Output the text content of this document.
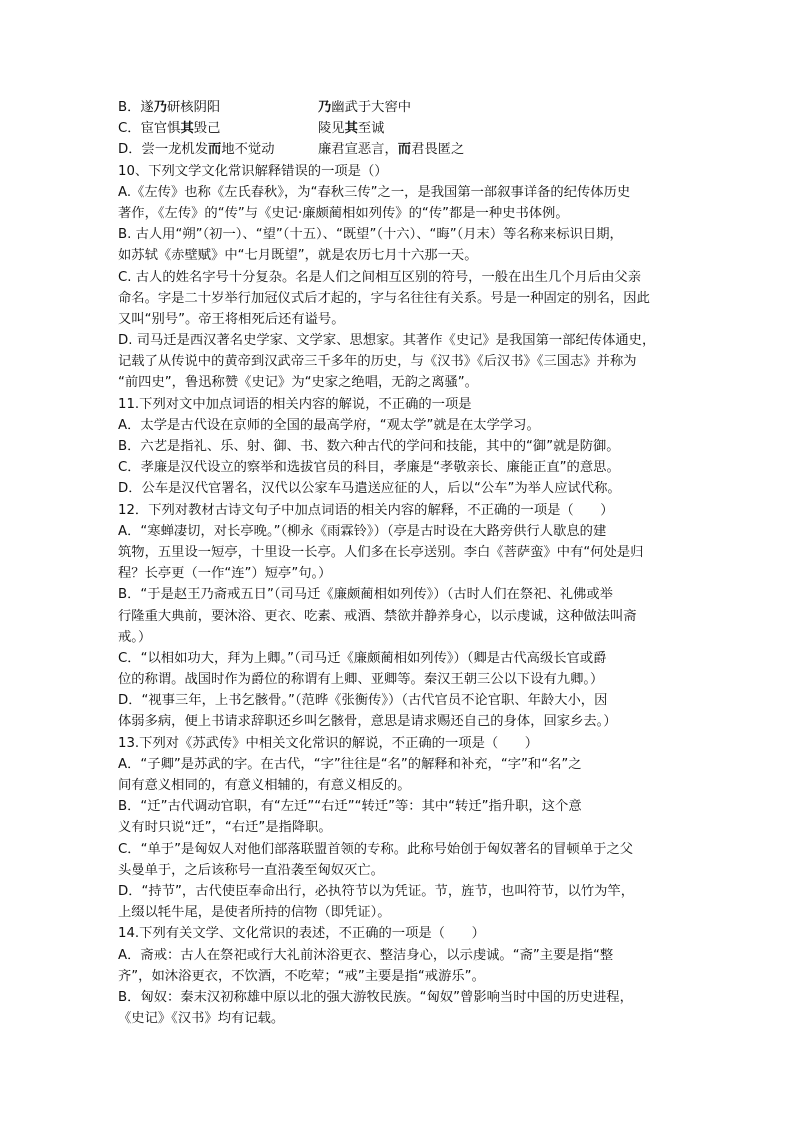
B．遂乃研核阴阳	乃幽武于大窖中
C．宦官惧其毁己	陵见其至诚
D．尝一龙机发而地不觉动	廉君宣恶言，而君畏匿之
10、下列文学文化常识解释错误的一项是（）
A.《左传》也称《左氏春秋》，为“春秋三传”之一，是我国第一部叙事详备的纪传体历史
著作，《左传》的“传”与《史记·廉颇蔺相如列传》的“传”都是一种史书体例。
B. 古人用“朔”（初一）、“望”（十五）、“既望”（十六）、“晦”（月末）等名称来标识日期，
如苏轼《赤壁赋》中“七月既望”，就是农历七月十六那一天。
C. 古人的姓名字号十分复杂。名是人们之间相互区别的符号，一般在出生几个月后由父亲
命名。字是二十岁举行加冠仪式后才起的，字与名往往有关系。号是一种固定的别名，因此
又叫“别号”。帝王将相死后还有谥号。
D. 司马迁是西汉著名史学家、文学家、思想家。其著作《史记》是我国第一部纪传体通史，
记载了从传说中的黄帝到汉武帝三千多年的历史，与《汉书》《后汉书》《三国志》并称为
“前四史”，鲁迅称赞《史记》为“史家之绝唱，无韵之离骚”。
11.下列对文中加点词语的相关内容的解说，不正确的一项是
A．太学是古代设在京师的全国的最高学府，“观太学”就是在太学学习。
B．六艺是指礼、乐、射、御、书、数六种古代的学问和技能，其中的“御”就是防御。
C．孝廉是汉代设立的察举和选拔官员的科目，孝廉是“孝敬亲长、廉能正直”的意思。
D．公车是汉代官署名，汉代以公家车马遣送应征的人，后以“公车”为举人应试代称。
12．下列对教材古诗文句子中加点词语的相关内容的解释，不正确的一项是（　　）
A．“寒蝉凄切，对长亭晚。”（柳永《雨霖铃》）（亭是古时设在大路旁供行人歇息的建
筑物，五里设一短亭，十里设一长亭。人们多在长亭送别。李白《菩萨蛮》中有“何处是归
程？长亭更（一作“连”）短亭”句。）
B．“于是赵王乃斋戒五日”（司马迁《廉颇蔺相如列传》）（古时人们在祭祀、礼佛或举
行隆重大典前，要沐浴、更衣、吃素、戒酒、禁欲并静养身心，以示虔诚，这种做法叫斋
戒。）
C．“以相如功大，拜为上卿。”（司马迁《廉颇蔺相如列传》）（卿是古代高级长官或爵
位的称谓。战国时作为爵位的称谓有上卿、亚卿等。秦汉王朝三公以下设有九卿。）
D．“视事三年，上书乞骸骨。”（范晔《张衡传》）（古代官员不论官职、年龄大小，因
体弱多病，便上书请求辞职还乡叫乞骸骨，意思是请求赐还自己的身体，回家乡去。）
13.下列对《苏武传》中相关文化常识的解说，不正确的一项是（　　）
A．“子卿”是苏武的字。在古代，“字”往往是“名”的解释和补充，“字”和“名”之
间有意义相同的，有意义相辅的，有意义相反的。
B．“迁”古代调动官职，有“左迁”“右迁”“转迁”等：其中“转迁”指升职，这个意
义有时只说“迁”，“右迁”是指降职。
C．“单于”是匈奴人对他们部落联盟首领的专称。此称号始创于匈奴著名的冒顿单于之父
头曼单于，之后该称号一直沿袭至匈奴灭亡。
D．“持节”，古代使臣奉命出行，必执符节以为凭证。节，旌节，也叫符节，以竹为竿，
上缀以牦牛尾，是使者所持的信物（即凭证）。
14.下列有关文学、文化常识的表述，不正确的一项是（　　）
A．斋戒：古人在祭祀或行大礼前沐浴更衣、整洁身心，以示虔诚。“斋”主要是指“整
齐”，如沐浴更衣，不饮酒，不吃荤；“戒”主要是指“戒游乐”。
B．匈奴：秦末汉初称雄中原以北的强大游牧民族。“匈奴”曾影响当时中国的历史进程，
《史记》《汉书》均有记载。
